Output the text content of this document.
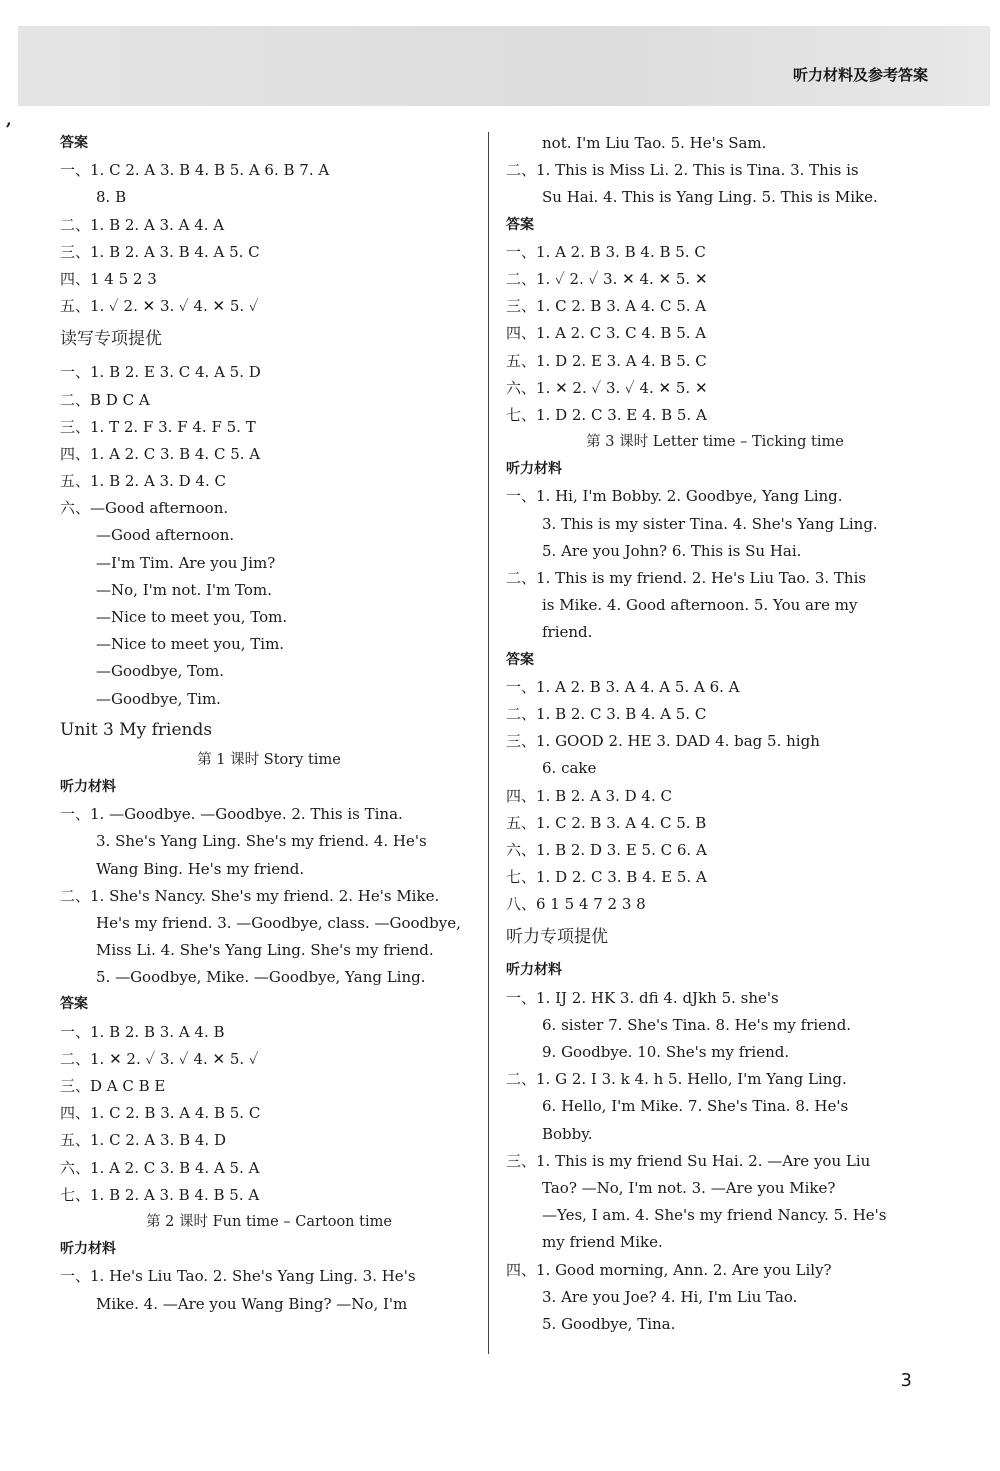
听力材料及参考答案
,
答案
一、1. C 2. A 3. B 4. B 5. A 6. B 7. A
8. B
二、1. B 2. A 3. A 4. A
三、1. B 2. A 3. B 4. A 5. C
四、1 4 5 2 3
五、1. ✓ 2. ✕ 3. ✓ 4. ✕ 5. ✓
读写专项提优
一、1. B 2. E 3. C 4. A 5. D
二、B D C A
三、1. T 2. F 3. F 4. F 5. T
四、1. A 2. C 3. B 4. C 5. A
五、1. B 2. A 3. D 4. C
六、—Good afternoon.
—Good afternoon.
—I'm Tim. Are you Jim?
—No, I'm not. I'm Tom.
—Nice to meet you, Tom.
—Nice to meet you, Tim.
—Goodbye, Tom.
—Goodbye, Tim.
Unit 3 My friends
第 1 课时 Story time
听力材料
一、1. —Goodbye. —Goodbye. 2. This is Tina.
3. She's Yang Ling. She's my friend. 4. He's
Wang Bing. He's my friend.
二、1. She's Nancy. She's my friend. 2. He's Mike.
He's my friend. 3. —Goodbye, class. —Goodbye,
Miss Li. 4. She's Yang Ling. She's my friend.
5. —Goodbye, Mike. —Goodbye, Yang Ling.
答案
一、1. B 2. B 3. A 4. B
二、1. ✕ 2. ✓ 3. ✓ 4. ✕ 5. ✓
三、D A C B E
四、1. C 2. B 3. A 4. B 5. C
五、1. C 2. A 3. B 4. D
六、1. A 2. C 3. B 4. A 5. A
七、1. B 2. A 3. B 4. B 5. A
第 2 课时 Fun time – Cartoon time
听力材料
一、1. He's Liu Tao. 2. She's Yang Ling. 3. He's
Mike. 4. —Are you Wang Bing? —No, I'm
not. I'm Liu Tao. 5. He's Sam.
二、1. This is Miss Li. 2. This is Tina. 3. This is
Su Hai. 4. This is Yang Ling. 5. This is Mike.
答案
一、1. A 2. B 3. B 4. B 5. C
二、1. ✓ 2. ✓ 3. ✕ 4. ✕ 5. ✕
三、1. C 2. B 3. A 4. C 5. A
四、1. A 2. C 3. C 4. B 5. A
五、1. D 2. E 3. A 4. B 5. C
六、1. ✕ 2. ✓ 3. ✓ 4. ✕ 5. ✕
七、1. D 2. C 3. E 4. B 5. A
第 3 课时 Letter time – Ticking time
听力材料
一、1. Hi, I'm Bobby. 2. Goodbye, Yang Ling.
3. This is my sister Tina. 4. She's Yang Ling.
5. Are you John? 6. This is Su Hai.
二、1. This is my friend. 2. He's Liu Tao. 3. This
is Mike. 4. Good afternoon. 5. You are my
friend.
答案
一、1. A 2. B 3. A 4. A 5. A 6. A
二、1. B 2. C 3. B 4. A 5. C
三、1. GOOD 2. HE 3. DAD 4. bag 5. high
6. cake
四、1. B 2. A 3. D 4. C
五、1. C 2. B 3. A 4. C 5. B
六、1. B 2. D 3. E 5. C 6. A
七、1. D 2. C 3. B 4. E 5. A
八、6 1 5 4 7 2 3 8
听力专项提优
听力材料
一、1. IJ 2. HK 3. dfi 4. dJkh 5. she's
6. sister 7. She's Tina. 8. He's my friend.
9. Goodbye. 10. She's my friend.
二、1. G 2. I 3. k 4. h 5. Hello, I'm Yang Ling.
6. Hello, I'm Mike. 7. She's Tina. 8. He's
Bobby.
三、1. This is my friend Su Hai. 2. —Are you Liu
Tao? —No, I'm not. 3. —Are you Mike?
—Yes, I am. 4. She's my friend Nancy. 5. He's
my friend Mike.
四、1. Good morning, Ann. 2. Are you Lily?
3. Are you Joe? 4. Hi, I'm Liu Tao.
5. Goodbye, Tina.
3
